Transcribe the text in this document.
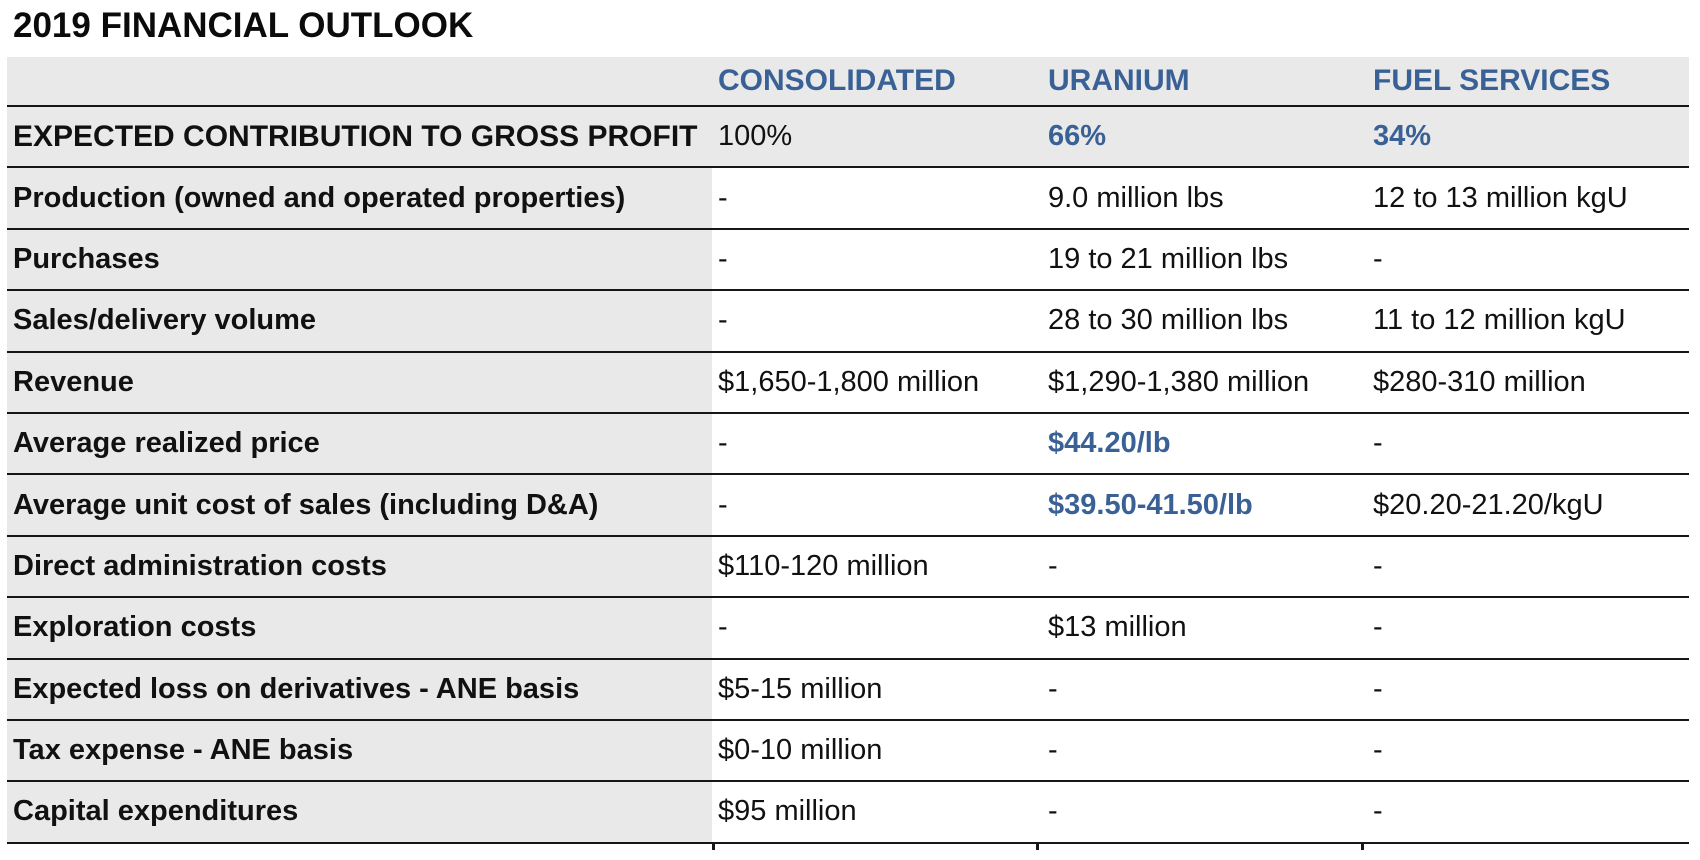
2019 FINANCIAL OUTLOOK
CONSOLIDATED	URANIUM	FUEL SERVICES
EXPECTED CONTRIBUTION TO GROSS PROFIT 100%	66%	34%
Production (owned and operated properties)	-	9.0 million lbs	12 to 13 million kgU
Purchases	-	19 to 21 million lbs	-
Sales/delivery volume	-	28 to 30 million lbs	11 to 12 million kgU
Revenue	$1,650-1,800 million	$1,290-1,380 million	$280-310 million
Average realized price	-	$44.20/lb	-
Average unit cost of sales (including D&A)	-	$39.50-41.50/lb	$20.20-21.20/kgU
Direct administration costs	$110-120 million	-	-
Exploration costs	-	$13 million	-
Expected loss on derivatives - ANE basis	$5-15 million	-	-
Tax expense - ANE basis	$0-10 million	-	-
Capital expenditures	$95 million	-	-
